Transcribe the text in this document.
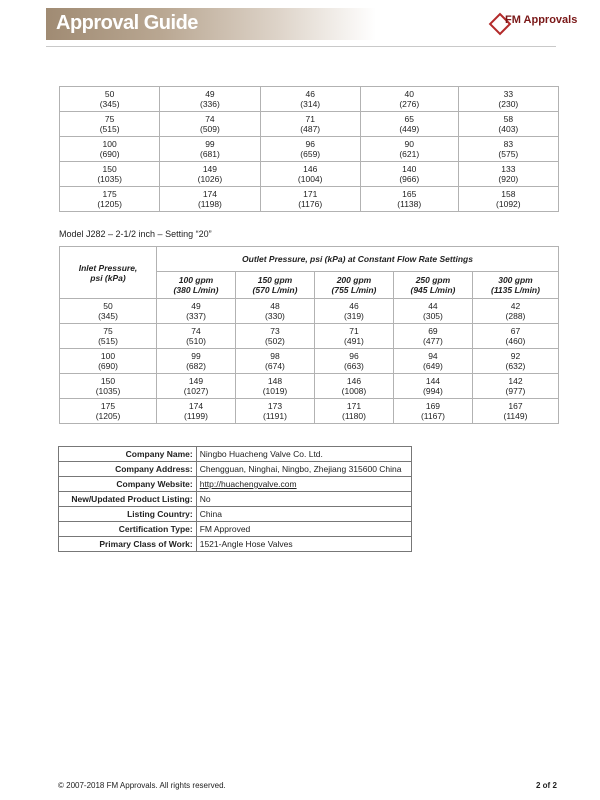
Approval Guide	FM Approvals
50
(345)	49
(336)	46
(314)	40
(276)	33
(230)

75
(515)	74
(509)	71
(487)	65
(449)	58
(403)

100
(690)	99
(681)	96
(659)	90
(621)	83
(575)

150
(1035)	149
(1026)	146
(1004)	140
(966)	133
(920)

175
(1205)	174
(1198)	171
(1176)	165
(1138)	158
(1092)
Model J282 – 2-1/2 inch – Setting “20”
Inlet Pressure,
psi (kPa)	Outlet Pressure, psi (kPa) at Constant Flow Rate Settings				

	100 gpm
(380 L/min)	150 gpm
(570 L/min)	200 gpm
(755 L/min)	250 gpm
(945 L/min)	300 gpm
(1135 L/min)

50
(345)	49
(337)	48
(330)	46
(319)	44
(305)	42
(288)

75
(515)	74
(510)	73
(502)	71
(491)	69
(477)	67
(460)

100
(690)	99
(682)	98
(674)	96
(663)	94
(649)	92
(632)

150
(1035)	149
(1027)	148
(1019)	146
(1008)	144
(994)	142
(977)

175
(1205)	174
(1199)	173
(1191)	171
(1180)	169
(1167)	167
(1149)
Company Name:	Ningbo Huacheng Valve Co. Ltd.
Company Address:	Chengguan, Ninghai, Ningbo, Zhejiang 315600 China
Company Website:	http://huachengvalve.com
New/Updated Product Listing:	No
Listing Country:	China
Certification Type:	FM Approved
Primary Class of Work:	1521-Angle Hose Valves
© 2007-2018 FM Approvals. All rights reserved.	2 of 2
